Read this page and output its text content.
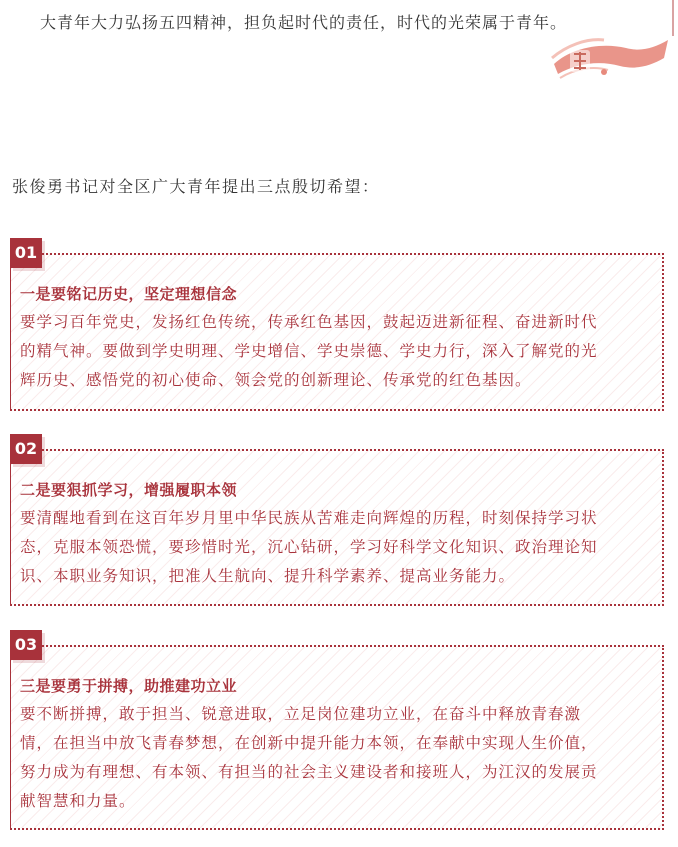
大青年大力弘扬五四精神，担负起时代的责任，时代的光荣属于青年。
张俊勇书记对全区广大青年提出三点殷切希望：
01
一是要铭记历史，坚定理想信念
要学习百年党史，发扬红色传统，传承红色基因，鼓起迈进新征程、奋进新时代
的精气神。要做到学史明理、学史增信、学史崇德、学史力行，深入了解党的光
辉历史、感悟党的初心使命、领会党的创新理论、传承党的红色基因。
02
二是要狠抓学习，增强履职本领
要清醒地看到在这百年岁月里中华民族从苦难走向辉煌的历程，时刻保持学习状
态，克服本领恐慌，要珍惜时光，沉心钻研，学习好科学文化知识、政治理论知
识、本职业务知识，把准人生航向、提升科学素养、提高业务能力。
03
三是要勇于拼搏，助推建功立业
要不断拼搏，敢于担当、锐意进取，立足岗位建功立业，在奋斗中释放青春激
情，在担当中放飞青春梦想，在创新中提升能力本领，在奉献中实现人生价值，
努力成为有理想、有本领、有担当的社会主义建设者和接班人，为江汉的发展贡
献智慧和力量。
